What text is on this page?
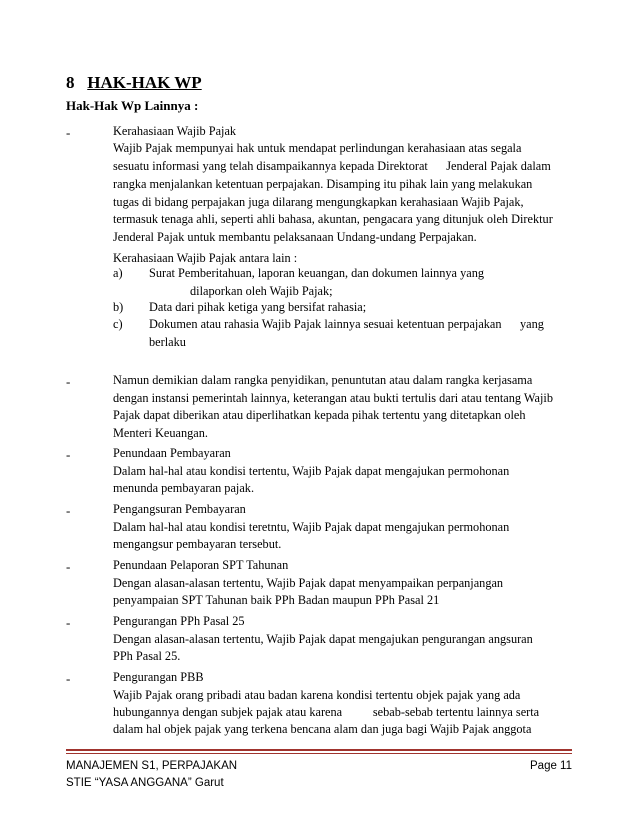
8 HAK-HAK WP
Hak-Hak Wp Lainnya :
-	Kerahasiaan Wajib Pajak
Wajib Pajak mempunyai hak untuk mendapat perlindungan kerahasiaan atas segala
sesuatu informasi yang telah disampaikannya kepada Direktorat      Jenderal Pajak dalam
rangka menjalankan ketentuan perpajakan. Disamping itu pihak lain yang melakukan
tugas di bidang perpajakan juga dilarang mengungkapkan kerahasiaan Wajib Pajak,
termasuk tenaga ahli, seperti ahli bahasa, akuntan, pengacara yang ditunjuk oleh Direktur
Jenderal Pajak untuk membantu pelaksanaan Undang-undang Perpajakan.
Kerahasiaan Wajib Pajak antara lain :
a) Surat Pemberitahuan, laporan keuangan, dan dokumen lainnya yang
dilaporkan oleh Wajib Pajak;
b) Data dari pihak ketiga yang bersifat rahasia;
c) Dokumen atau rahasia Wajib Pajak lainnya sesuai ketentuan perpajakan      yang
berlaku
-	Namun demikian dalam rangka penyidikan, penuntutan atau dalam rangka kerjasama
dengan instansi pemerintah lainnya, keterangan atau bukti tertulis dari atau tentang Wajib
Pajak dapat diberikan atau diperlihatkan kepada pihak tertentu yang ditetapkan oleh
Menteri Keuangan.
-	Penundaan Pembayaran
Dalam hal-hal atau kondisi tertentu, Wajib Pajak dapat mengajukan permohonan
menunda pembayaran pajak.
-	Pengangsuran Pembayaran
Dalam hal-hal atau kondisi teretntu, Wajib Pajak dapat mengajukan permohonan
mengangsur pembayaran tersebut.
-	Penundaan Pelaporan SPT Tahunan
Dengan alasan-alasan tertentu, Wajib Pajak dapat menyampaikan perpanjangan
penyampaian SPT Tahunan baik PPh Badan maupun PPh Pasal 21
-	Pengurangan PPh Pasal 25
Dengan alasan-alasan tertentu, Wajib Pajak dapat mengajukan pengurangan angsuran
PPh Pasal 25.
-	Pengurangan PBB
Wajib Pajak orang pribadi atau badan karena kondisi tertentu objek pajak yang ada
hubungannya dengan subjek pajak atau karena          sebab-sebab tertentu lainnya serta
dalam hal objek pajak yang terkena bencana alam dan juga bagi Wajib Pajak anggota
MANAJEMEN S1, PERPAJAKAN	Page 11
STIE “YASA ANGGANA” Garut
